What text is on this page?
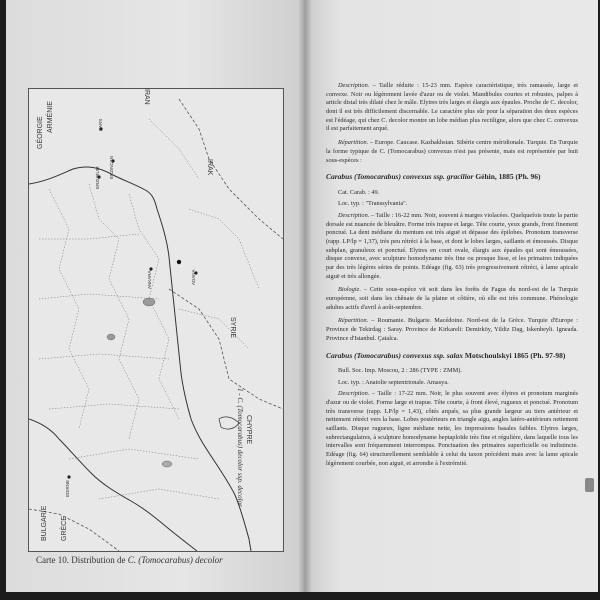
GÉORGIE ARMÉNIE
IRAN
IRAK
SYRIE
CHYPRE
BULGARIE GRÈCE
KARS
ERZURUM ERZINCAN
ANKARA	ADANA
EDIRNE	1 - C. (Tomocarabus) decolor ssp. decolor
Carte 10. Distribution de C. (Tomocarabus) decolor

Description. – Taille réduite : 15-23 mm. Espèce caractéristique, très ramassée, large et convexe. Noir ou légèrement lavée d'azur ou de violet. Mandibules courtes et robustes, palpes à article distal très dilaté chez le mâle. Elytres très larges et élargis aux épaules. Proche de C. decolor, dont il est très difficilement discernable. Le caractère plus sûr pour la séparation des deux espèces est l'édéage, qui chez C. decolor montre un lobe médian plus rectiligne, alors que chez C. convexus il est parfaitement arqué.

Répartition. – Europe. Caucase. Kazhakhstan. Sibérie centre méridionale. Turquie. En Turquie la forme typique de C. (Tomocarabus) convexus n'est pas présente, mais est représentée par huit sous-espèces :

Carabus (Tomocarabus) convexus ssp. gracilior Géhin, 1885 (Ph. 96)

Cat. Carab. : 49.

Loc. typ. : "Transsylvania".

Description. – Taille : 16-22 mm. Noir, souvent à marges violacées. Quelquefois toute la partie dorsale est nuancée de bleuâtre. Forme très trapue et large. Tête courte, yeux grands, front finement ponctué. La dent médiane du mentum est très aiguë et dépasse des épilobes. Pronotum transverse (rapp. LP/lp = 1,37), très peu rétréci à la base, et dont le lobes larges, saillants et émoussés. Disque subplan, granuleux et ponctué. Elytres en court ovale, élargis aux épaules qui sont émoussées, disque convexe, avec sculpture homodyname très fine ou presque lisse, et les primaires indiquées par des très légères séries de points. Edéage (fig. 63) très progressivement rétréci, à lame apicale aiguë et très allongée.

Biologie. – Cette sous-espèce vit soit dans les forêts de Fagus du nord-est de la Turquie européenne, soit dans les chênaie de la plaine et côtière, où elle est très commune. Phénologie adultes actifs d'avril à août-septembre.

Répartition. – Roumanie. Bulgarie. Macédoine. Nord-est de la Grèce. Turquie d'Europe : Province de Tekirdag : Saray. Province de Kirkareli: Demirköy, Yildiz Dag, Iskenbeyli. Igneada. Province d'Istanbul. Çatalca.

Carabus (Tomocarabus) convexus ssp. salax Motschoulskyi 1865 (Ph. 97-98)

Bull. Soc. Imp. Moscou, 2 : 286 (TYPE : ZMM).

Loc. typ. : Anatolie septentrionale. Amasya.

Description. – Taille : 17-22 mm. Noir, le plus souvent avec élytres et pronotum marginés d'azur ou de violet. Forme large et trapue. Tête courte, à front élevé, rugueux et ponctué. Pronotum très transverse (rapp. LP/lp = 1,43), côtés arqués, sa plus grande largeur au tiers antérieur et nettement rétréci vers la base. Lobes postérieurs en triangle aigu, angles latéro-antérieurs nettement saillants. Disque rugueux, ligne médiane nette, les impressions basales faibles. Elytres larges, subrectangulaires, à sculpture homodyname heptaploïde très fine et régulière, dans laquelle tous les intervalles sont fréquemment interrompus. Ponctuation des primaires superficielle ou indistincte. Edéage (fig. 64) structurellement semblable à celui du taxon précédent mais avec la lame apicale légèrement courbée, non aiguë, et arrondie à l'extrémité.
